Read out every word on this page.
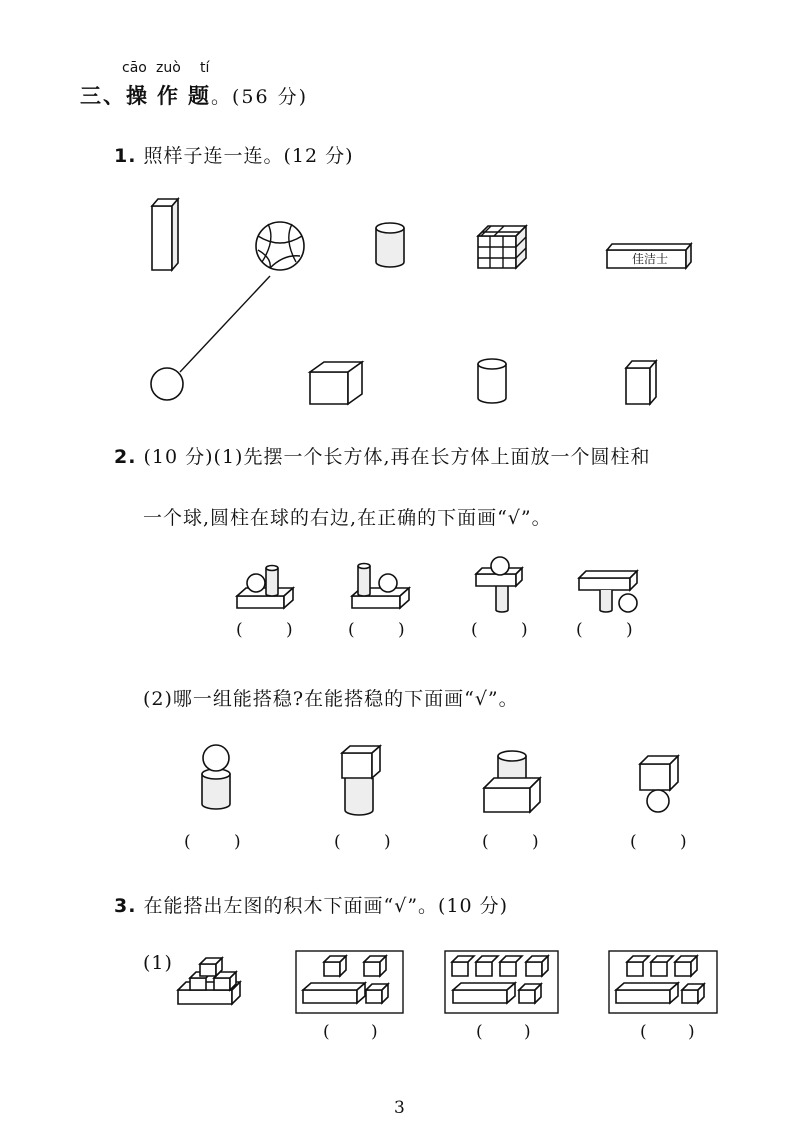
cāo zuò tí
三、操 作 题。(56 分)
1. 照样子连一连。(12 分)
佳洁士
2. (10 分)(1)先摆一个长方体,再在长方体上面放一个圆柱和
一个球,圆柱在球的右边,在正确的下面画“√”。
( ) ( )	( ) ( )
(2)哪一组能搭稳?在能搭稳的下面画“√”。
( )	( )	( )	( )
3. 在能搭出左图的积木下面画“√”。(10 分)
(1)
( )	( )	( )
3
